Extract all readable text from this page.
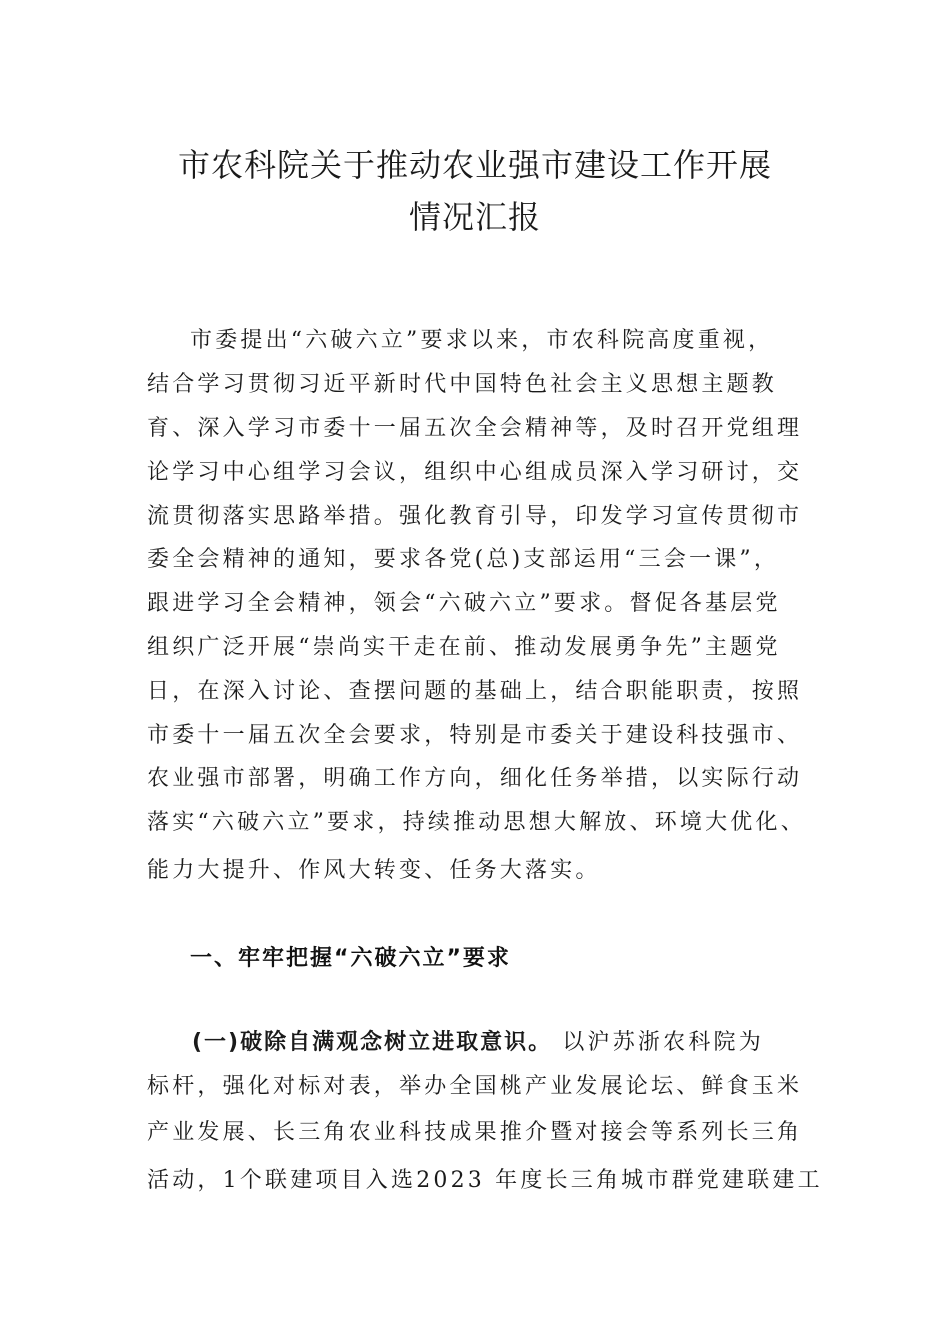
市农科院关于推动农业强市建设工作开展
情况汇报
市委提出“六破六立”要求以来，市农科院高度重视，
结合学习贯彻习近平新时代中国特色社会主义思想主题教
育、深入学习市委十一届五次全会精神等，及时召开党组理
论学习中心组学习会议，组织中心组成员深入学习研讨，交
流贯彻落实思路举措。强化教育引导，印发学习宣传贯彻市
委全会精神的通知，要求各党(总)支部运用“三会一课”，
跟进学习全会精神，领会“六破六立”要求。督促各基层党
组织广泛开展“崇尚实干走在前、推动发展勇争先”主题党
日，在深入讨论、查摆问题的基础上，结合职能职责，按照
市委十一届五次全会要求，特别是市委关于建设科技强市、
农业强市部署，明确工作方向，细化任务举措，以实际行动
落实“六破六立”要求，持续推动思想大解放、环境大优化、
能力大提升、作风大转变、任务大落实。
一、牢牢把握“六破六立”要求
(一)破除自满观念树立进取意识。 以沪苏浙农科院为
标杆，强化对标对表，举办全国桃产业发展论坛、鲜食玉米
产业发展、长三角农业科技成果推介暨对接会等系列长三角
活动，1个联建项目入选2023 年度长三角城市群党建联建工
